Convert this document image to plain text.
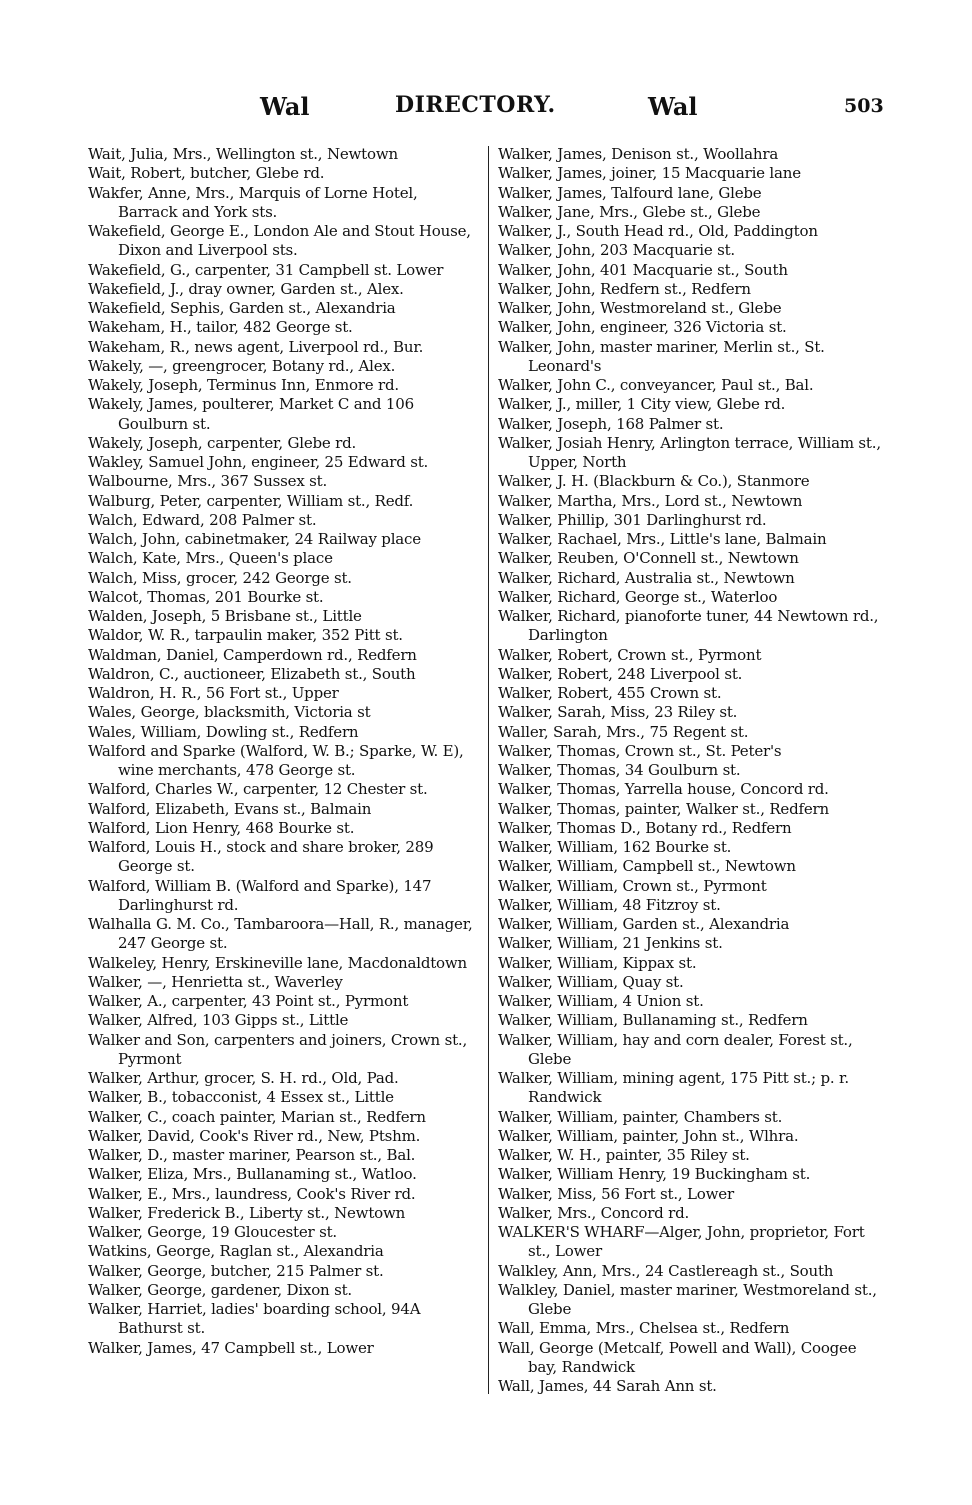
Wal	DIRECTORY.	Wal	503

Wait, Julia, Mrs., Wellington st., Newtown

Wait, Robert, butcher, Glebe rd.

Wakfer, Anne, Mrs., Marquis of Lorne Hotel, Barrack and York sts.

Wakefield, George E., London Ale and Stout House, Dixon and Liverpool sts.

Wakefield, G., carpenter, 31 Campbell st. Lower

Wakefield, J., dray owner, Garden st., Alex.

Wakefield, Sephis, Garden st., Alexandria

Wakeham, H., tailor, 482 George st.

Wakeham, R., news agent, Liverpool rd., Bur.

Wakely, —, greengrocer, Botany rd., Alex.

Wakely, Joseph, Terminus Inn, Enmore rd.

Wakely, James, poulterer, Market C and 106 Goulburn st.

Wakely, Joseph, carpenter, Glebe rd.

Wakley, Samuel John, engineer, 25 Edward st.

Walbourne, Mrs., 367 Sussex st.

Walburg, Peter, carpenter, William st., Redf.

Walch, Edward, 208 Palmer st.

Walch, John, cabinetmaker, 24 Railway place

Walch, Kate, Mrs., Queen's place

Walch, Miss, grocer, 242 George st.

Walcot, Thomas, 201 Bourke st.

Walden, Joseph, 5 Brisbane st., Little

Waldor, W. R., tarpaulin maker, 352 Pitt st.

Waldman, Daniel, Camperdown rd., Redfern

Waldron, C., auctioneer, Elizabeth st., South

Waldron, H. R., 56 Fort st., Upper

Wales, George, blacksmith, Victoria st

Wales, William, Dowling st., Redfern

Walford and Sparke (Walford, W. B.; Sparke, W. E), wine merchants, 478 George st.

Walford, Charles W., carpenter, 12 Chester st.

Walford, Elizabeth, Evans st., Balmain

Walford, Lion Henry, 468 Bourke st.

Walford, Louis H., stock and share broker, 289 George st.

Walford, William B. (Walford and Sparke), 147 Darlinghurst rd.

Walhalla G. M. Co., Tambaroora—Hall, R., manager, 247 George st.

Walkeley, Henry, Erskineville lane, Macdonaldtown

Walker, —, Henrietta st., Waverley

Walker, A., carpenter, 43 Point st., Pyrmont

Walker, Alfred, 103 Gipps st., Little

Walker and Son, carpenters and joiners, Crown st., Pyrmont

Walker, Arthur, grocer, S. H. rd., Old, Pad.

Walker, B., tobacconist, 4 Essex st., Little

Walker, C., coach painter, Marian st., Redfern

Walker, David, Cook's River rd., New, Ptshm.

Walker, D., master mariner, Pearson st., Bal.

Walker, Eliza, Mrs., Bullanaming st., Watloo.

Walker, E., Mrs., laundress, Cook's River rd.

Walker, Frederick B., Liberty st., Newtown

Walker, George, 19 Gloucester st.

Watkins, George, Raglan st., Alexandria

Walker, George, butcher, 215 Palmer st.

Walker, George, gardener, Dixon st.

Walker, Harriet, ladies' boarding school, 94A Bathurst st.

Walker, James, 47 Campbell st., Lower

Walker, James, Denison st., Woollahra

Walker, James, joiner, 15 Macquarie lane

Walker, James, Talfourd lane, Glebe

Walker, Jane, Mrs., Glebe st., Glebe

Walker, J., South Head rd., Old, Paddington

Walker, John, 203 Macquarie st.

Walker, John, 401 Macquarie st., South

Walker, John, Redfern st., Redfern

Walker, John, Westmoreland st., Glebe

Walker, John, engineer, 326 Victoria st.

Walker, John, master mariner, Merlin st., St. Leonard's

Walker, John C., conveyancer, Paul st., Bal.

Walker, J., miller, 1 City view, Glebe rd.

Walker, Joseph, 168 Palmer st.

Walker, Josiah Henry, Arlington terrace, William st., Upper, North

Walker, J. H. (Blackburn & Co.), Stanmore

Walker, Martha, Mrs., Lord st., Newtown

Walker, Phillip, 301 Darlinghurst rd.

Walker, Rachael, Mrs., Little's lane, Balmain

Walker, Reuben, O'Connell st., Newtown

Walker, Richard, Australia st., Newtown

Walker, Richard, George st., Waterloo

Walker, Richard, pianoforte tuner, 44 Newtown rd., Darlington

Walker, Robert, Crown st., Pyrmont

Walker, Robert, 248 Liverpool st.

Walker, Robert, 455 Crown st.

Walker, Sarah, Miss, 23 Riley st.

Waller, Sarah, Mrs., 75 Regent st.

Walker, Thomas, Crown st., St. Peter's

Walker, Thomas, 34 Goulburn st.

Walker, Thomas, Yarrella house, Concord rd.

Walker, Thomas, painter, Walker st., Redfern

Walker, Thomas D., Botany rd., Redfern

Walker, William, 162 Bourke st.

Walker, William, Campbell st., Newtown

Walker, William, Crown st., Pyrmont

Walker, William, 48 Fitzroy st.

Walker, William, Garden st., Alexandria

Walker, William, 21 Jenkins st.

Walker, William, Kippax st.

Walker, William, Quay st.

Walker, William, 4 Union st.

Walker, William, Bullanaming st., Redfern

Walker, William, hay and corn dealer, Forest st., Glebe

Walker, William, mining agent, 175 Pitt st.; p. r. Randwick

Walker, William, painter, Chambers st.

Walker, William, painter, John st., Wlhra.

Walker, W. H., painter, 35 Riley st.

Walker, William Henry, 19 Buckingham st.

Walker, Miss, 56 Fort st., Lower

Walker, Mrs., Concord rd.

WALKER'S WHARF—Alger, John, proprietor, Fort st., Lower

Walkley, Ann, Mrs., 24 Castlereagh st., South

Walkley, Daniel, master mariner, Westmoreland st., Glebe

Wall, Emma, Mrs., Chelsea st., Redfern

Wall, George (Metcalf, Powell and Wall), Coogee bay, Randwick

Wall, James, 44 Sarah Ann st.
